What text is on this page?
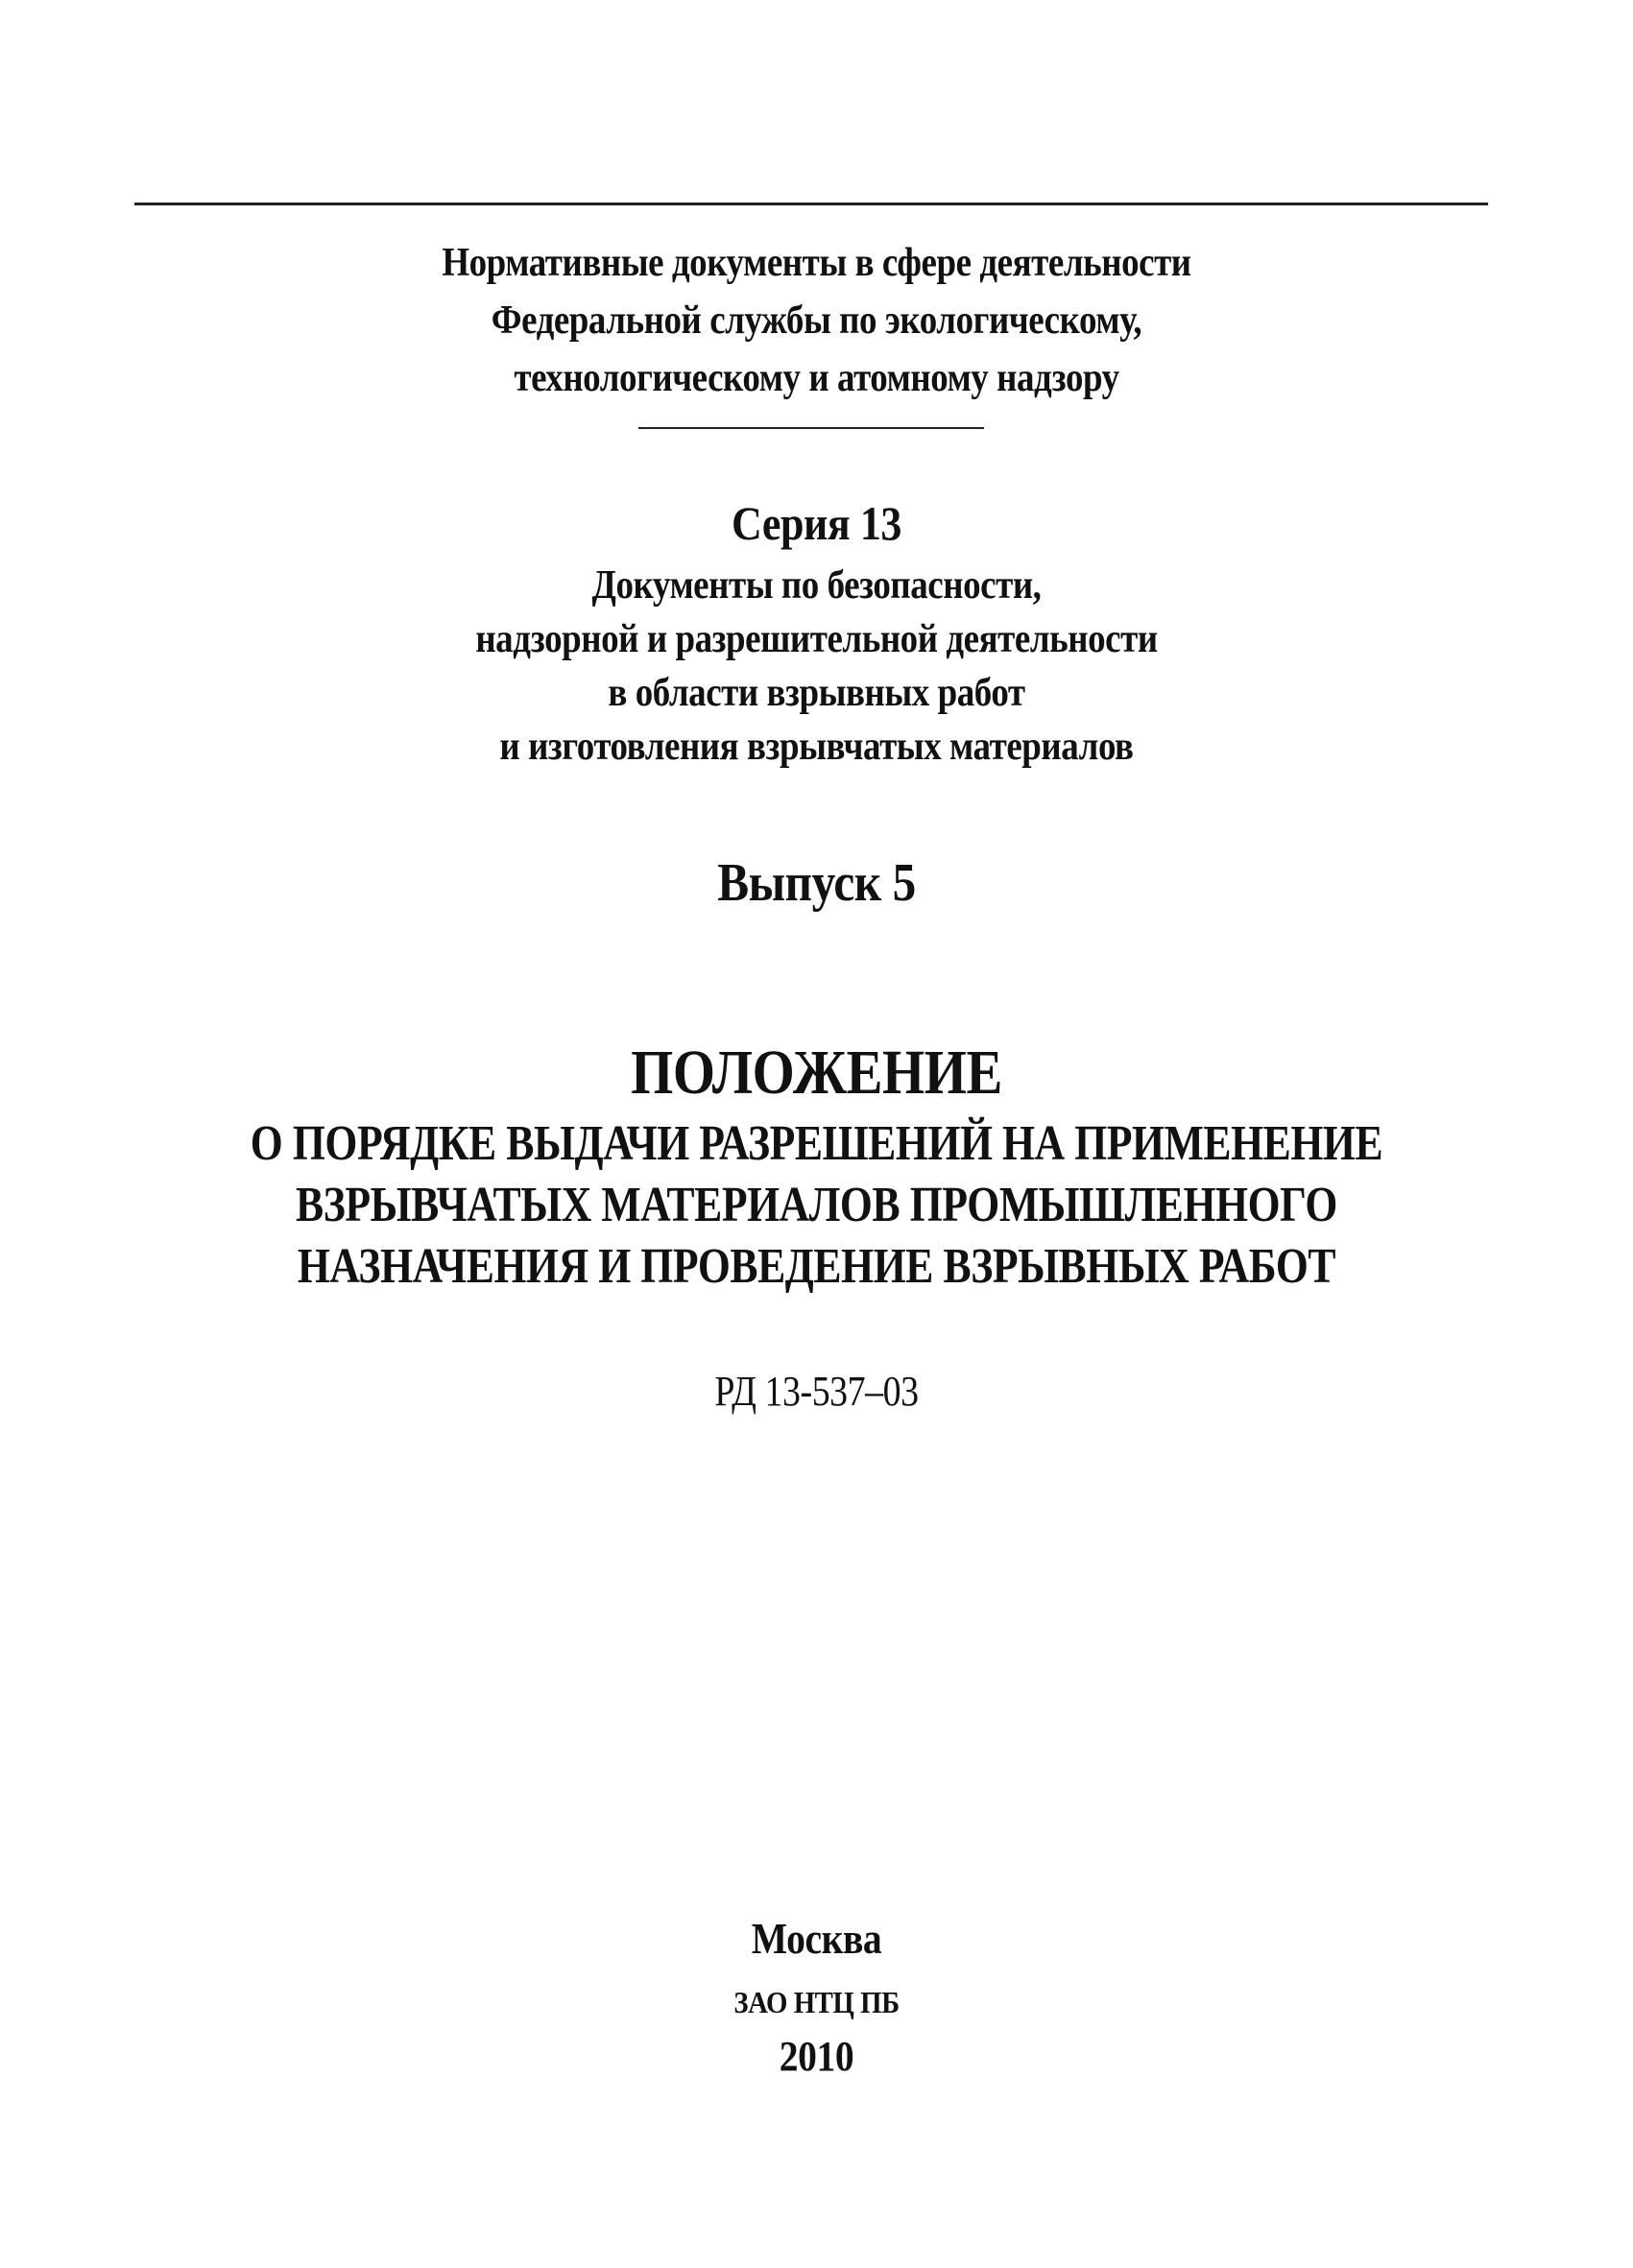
Нормативные документы в сфере деятельности
Федеральной службы по экологическому,
технологическому и атомному надзору
Серия 13
Документы по безопасности,
надзорной и разрешительной деятельности
в области взрывных работ
и изготовления взрывчатых материалов
Выпуск 5
ПОЛОЖЕНИЕ
О ПОРЯДКЕ ВЫДАЧИ РАЗРЕШЕНИЙ НА ПРИМЕНЕНИЕ
ВЗРЫВЧАТЫХ МАТЕРИАЛОВ ПРОМЫШЛЕННОГО
НАЗНАЧЕНИЯ И ПРОВЕДЕНИЕ ВЗРЫВНЫХ РАБОТ
РД 13-537–03
Москва
ЗАО НТЦ ПБ
2010
